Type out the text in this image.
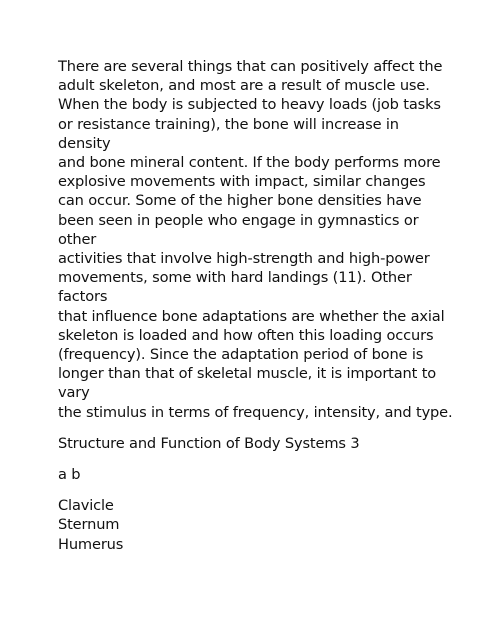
There are several things that can positively affect the
adult skeleton, and most are a result of muscle use.
When the body is subjected to heavy loads (job tasks
or resistance training), the bone will increase in
density
and bone mineral content. If the body performs more
explosive movements with impact, similar changes
can occur. Some of the higher bone densities have
been seen in people who engage in gymnastics or
other
activities that involve high-strength and high-power
movements, some with hard landings (11). Other
factors
that influence bone adaptations are whether the axial
skeleton is loaded and how often this loading occurs
(frequency). Since the adaptation period of bone is
longer than that of skeletal muscle, it is important to
vary
the stimulus in terms of frequency, intensity, and type.
Structure and Function of Body Systems 3
a b
Clavicle
Sternum
Humerus
